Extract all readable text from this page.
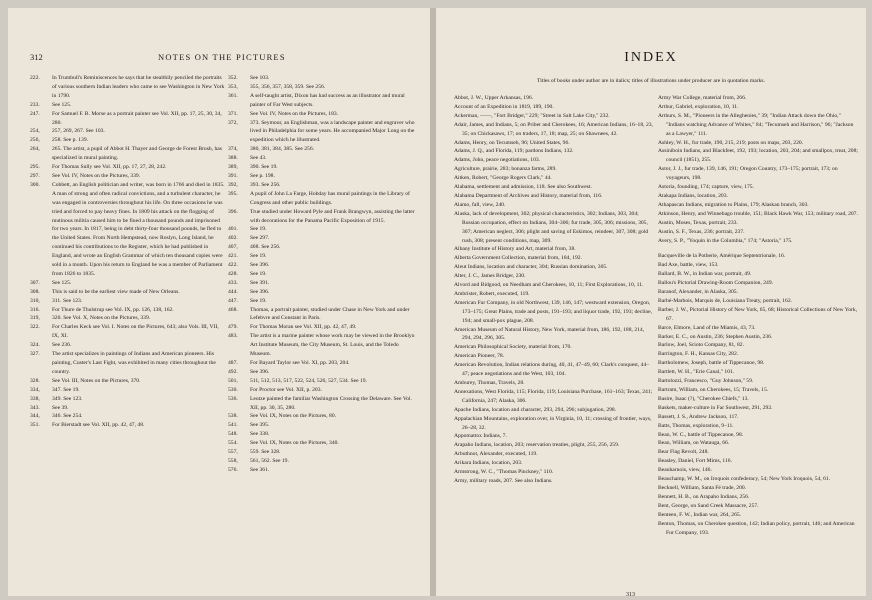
312	NOTES ON THE PICTURES
222.	In Trumbull's Reminiscences he says that he stealthily penciled the portraits of various southern Indian leaders who came to see Washington in New York in 1790.
233.	See 125.
247.	For Samuel F. B. Morse as a portrait painter see Vol. XII, pp. 17, 25, 30, 34, 280.
254,	257, 269, 267. See 103.
256,	258. See p. 139.
264,	265. The artist, a pupil of Abbot H. Thayer and George de Forest Brush, has specialized in mural painting.
295.	For Thomas Sully see Vol. XII, pp. 17, 27, 28, 242.
297.	See Vol. IV, Notes on the Pictures, 339.
300.	Cobbett, an English politician and writer, was born in 1766 and died in 1835. A man of strong and often radical convictions, and a turbulent character, he was engaged in controversies throughout his life. On three occasions he was tried and forced to pay heavy fines. In 1809 his attack on the flogging of mutinous militia caused him to be fined a thousand pounds and imprisoned for two years. In 1817, being in debt thirty-four thousand pounds, he fled to the United States. From North Hempstead, now Roslyn, Long Island, he continued his contributions to the Register, which he had published in England, and wrote an English Grammar of which ten thousand copies were sold in a month. Upon his return to England he was a member of Parliament from 1826 to 1835.
307.	See 125.
308.	This is said to be the earliest view made of New Orleans.
310,	311. See 123.
316.	For Thure de Thulstrup see Vol. IX, pp. 126, 138, 162.
319,	320. See Vol. X, Notes on the Pictures, 339.
322.	For Charles Keck see Vol. I. Notes on the Pictures, 643; also Vols. III, VII, IX, XI.
324.	See 236.
327.	The artist specializes in paintings of Indians and American pioneers. His painting, Custer's Last Fight, was exhibited in many cities throughout the country.
328.	See Vol. III, Notes on the Pictures, 370.
334,	347. See 19.
338,	349. See 123.
343.	See 39.
344,	346. See 254.
351.	For Bierstadt see Vol. XII, pp. 42, 47, 48.
352.	See 103.
353,	355, 356, 357, 358, 359. See 256.
361.	A self-taught artist, Dixon has had success as an illustrator and mural painter of Far West subjects.
371.	See Vol. IV, Notes on the Pictures, 183.
372,	373. Seymour, an Englishman, was a landscape painter and engraver who lived in Philadelphia for some years. He accompanied Major Long on the expedition which he illustrated.
374,	380, 381, 384, 385. See 256.
388.	See 43.
389,	390. See 19.
391.	See p. 198.
392,	393. See 256.
395.	A pupil of John La Farge, Hobday has mural paintings in the Library of Congress and other public buildings.
396.	True studied under Howard Pyle and Frank Brangwyn, assisting the latter with decorations for the Panama Pacific Exposition of 1915.
401.	See 19.
402.	See 297.
407,	408. See 256.
421.	See 19.
422.	See 396.
428.	See 19.
433.	See 391.
444.	See 396.
447.	See 19.
468.	Thomas, a portrait painter, studied under Chase in New York and under Lefebvre and Constant in Paris.
479.	For Thomas Moran see Vol. XII, pp. 42, 47, 49.
483.	The artist is a marine painter whose work may be viewed in the Brooklyn Art Institute Museum, the City Museum, St. Louis, and the Toledo Museum.
487.	For Bayard Taylor see Vol. XI, pp. 203, 204.
492.	See 396.
501,	511, 512, 513, 517, 522, 524, 526, 527, 534. See 19.
530.	For Proctor see Vol. XII, p. 203.
536.	Leutze painted the familiar Washington Crossing the Delaware. See Vol. XII, pp. 30, 35, 280.
538.	See Vol. IX, Notes on the Pictures, 80.
541.	See 395.
548.	See 338.
554.	See Vol. IX, Notes on the Pictures, 340.
557,	559. See 328.
558,	561, 562. See 19.
576.	See 361.
INDEX
Titles of books under author are in italics; titles of illustrations under producer are in quotation marks.
Abbot, J. W., Upper Arkansas, 196.
Account of an Expedition in 1819, 189, 190.
Ackerman, ——, "Fort Bridger," 229; "Street in Salt Lake City," 232.
Adair, James, and Indians, 5; on Priber and Cherokees, 16; American Indians, 16–18, 23, 35; on Chickasaws, 17; on traders, 17, 18; map, 25; on Shawnees, 42.
Adams, Henry, on Tecumseh, 96; United States, 96.
Adams, J. Q., and Florida, 119; pardons Indians, 132.
Adams, John, peace negotiations, 103.
Agriculture, prairie, 283; bonanza farms, 289.
Aitken, Robert, "George Rogers Clark," 44.
Alabama, settlement and admission, 118. See also Southwest.
Alabama Department of Archives and History, material from, 116.
Alamo, fall, view, 240.
Alaska, lack of development, 302; physical characteristics, 302; Indians, 303, 304; Russian occupation, effect on Indians, 304–306; fur trade, 305, 306; missions, 305, 307; American neglect, 306; plight and saving of Eskimos, reindeer, 307, 308; gold rush, 308; present conditions, map, 309.
Albany Institute of History and Art, material from, 38.
Alberta Government Collection, material from, 184, 192.
Aleut Indians, location and character, 304; Russian domination, 305.
Alter, J. C., James Bridger, 230.
Alvord and Bidgood, on Needham and Cherokees, 10, 11; First Explorations, 10, 11.
Ambrister, Robert, executed, 119.
American Fur Company, in old Northwest, 139, 146, 147; westward extension, Oregon, 173–175; Great Plains, trade and posts, 191–193; and liquor trade, 192, 193; decline, 194; and small-pox plague, 208.
American Museum of Natural History, New York, material from, 186, 192, 188, 214, 294, 294, 296, 305.
American Philosophical Society, material from, 170.
American Pioneer, 78.
American Revolution, Indian relations during, 40, 41, 47–49, 60; Clark's conquest, 44–47; peace negotiations and the West, 103, 104.
Amburey, Thomas, Travels, 28.
Annexations, West Florida, 115; Florida, 119; Louisiana Purchase, 161–163; Texas, 241; California, 247; Alaska, 306.
Apache Indians, location and character, 293, 294, 296; subjugation, 298.
Appalachian Mountains, exploration over, in Virginia, 10, 11; crossing of frontier, ways, 26–28, 32.
Appomattox Indians, 7.
Arapaho Indians, location, 203; reservation treaties, plight, 255, 256, 259.
Arbuthnot, Alexander, executed, 119.
Arikara Indians, location, 203.
Armstrong, W. C., "Thomas Pinckney," 110.
Army, military roads, 207. See also Indians.
Army War College, material from, 266.
Arthur, Gabriel, exploration, 10, 11.
Arthurs, S. M., "Pioneers in the Alleghenies," 39; "Indian Attack down the Ohio," "Indians watching Advance of Whites," 84; "Tecumseh and Harrison," 96; "Jackson as a Lawyer," 111.
Ashley, W. H., fur trade, 190, 215, 219; posts on maps, 203, 220.
Assiniboin Indians, and Blackfeet, 192, 193; location, 203, 204; and smallpox, treat, 208; council (1851), 255.
Astor, J. J., fur trade, 139, 146, 191; Oregon Country, 173–175; portrait, 173; on voyageurs, 198.
Astoria, founding, 174; capture, view, 175.
Atakapa Indians, location, 203.
Athapascan Indians, migration to Plains, 179; Alaskan branch, 303.
Atkinson, Henry, and Winnebago trouble, 151; Black Hawk War, 153; military road, 207.
Austin, Moses, Texas, portrait, 233.
Austin, S. F., Texas, 236; portrait, 237.
Avery, S. P., "Yoquin in the Columbia," 174; "Astoria," 175.
Bacqueville de la Potherie, Amérique Septentrionale, 16.
Bad Axe, battle, view, 153.
Ballard, B. W., in Indian war, portrait, 49.
Ballou's Pictorial Drawing-Room Companion, 249.
Baranof, Alexander, in Alaska, 305.
Barbé-Marbois, Marquis de, Louisiana Treaty, portrait, 162.
Barber, J. W., Pictorial History of New York, 65, 68; Historical Collections of New York, 67.
Barce, Elmore, Land of the Miamis, 43, 73.
Barker, E. C., on Austin, 236; Stephen Austin, 236.
Barlow, Joel, Scioto Company, 81, 82.
Barrington, F. H., Kansas City, 282.
Bartholomew, Joseph, battle of Tippecanoe, 98.
Bartlett, W. H., "Erie Canal," 101.
Bartolozzi, Francesco, "Guy Johnson," 59.
Bartram, William, on Cherokees, 15; Travels, 15.
Basire, Isaac (?), "Cherokee Chiefs," 13.
Baskets, maker-culture in Far Southwest, 291, 292.
Bassett, J. S., Andrew Jackson, 117.
Batts, Thomas, exploration, 9–11.
Bean, W. C., battle of Tippecanoe, 98.
Bean, William, on Watauga, 66.
Bear Flag Revolt, 248.
Beasley, Daniel, Fort Mims, 116.
Beauharnois, view, 146.
Beauchamp, W. M., on Iroquois confederacy, 54; New York Iroquois, 54, 61.
Becknell, William, Santa Fé trade, 200.
Bennett, H. B., on Arapaho Indians, 256.
Bent, George, on Sand Creek Massacre, 257.
Benteen, F. W., Indian war, 264, 265.
Benton, Thomas, on Cherokee question, 142; Indian policy, portrait, 146; and American Fur Company, 193.
313
